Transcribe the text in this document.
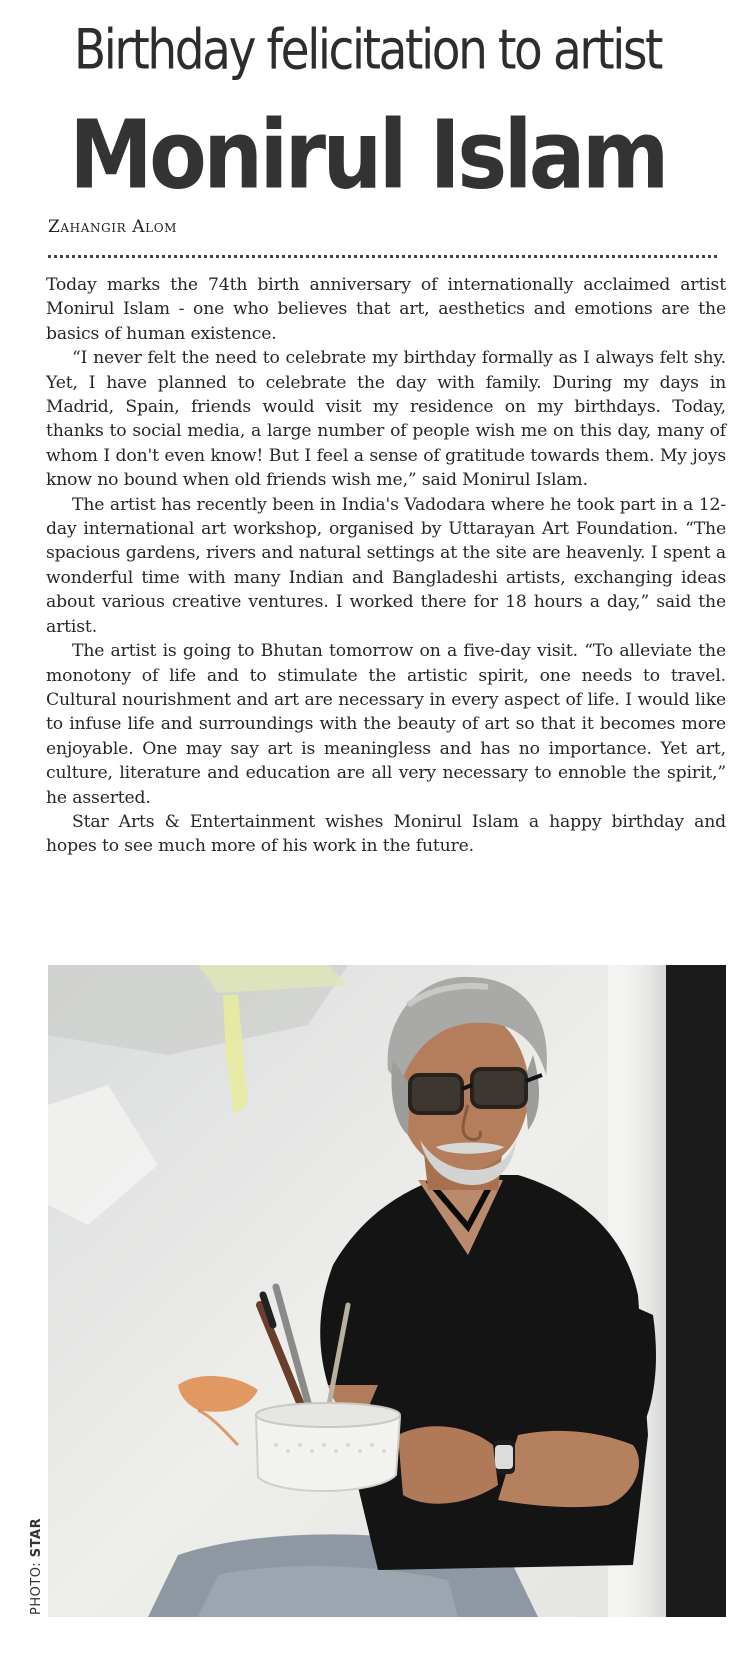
Birthday felicitation to artist
Monirul Islam
Zahangir Alom

Today marks the 74th birth anniversary of internationally acclaimed artist Monirul Islam - one who believes that art, aesthetics and emotions are the basics of human existence.

“I never felt the need to celebrate my birthday formally as I always felt shy. Yet, I have planned to celebrate the day with family. During my days in Madrid, Spain, friends would visit my residence on my birthdays. Today, thanks to social media, a large number of people wish me on this day, many of whom I don't even know! But I feel a sense of gratitude towards them. My joys know no bound when old friends wish me,” said Monirul Islam.

The artist has recently been in India's Vadodara where he took part in a 12-day international art workshop, organised by Uttarayan Art Foundation. “The spacious gardens, rivers and natural settings at the site are heavenly. I spent a wonderful time with many Indian and Bangladeshi artists, exchanging ideas about various creative ventures. I worked there for 18 hours a day,” said the artist.

The artist is going to Bhutan tomorrow on a five-day visit. “To alleviate the monotony of life and to stimulate the artistic spirit, one needs to travel. Cultural nourishment and art are necessary in every aspect of life. I would like to infuse life and surroundings with the beauty of art so that it becomes more enjoyable. One may say art is meaningless and has no importance. Yet art, culture, literature and education are all very necessary to ennoble the spirit,” he asserted.

Star Arts & Entertainment wishes Monirul Islam a happy birthday and hopes to see much more of his work in the future.

PHOTO: STAR
